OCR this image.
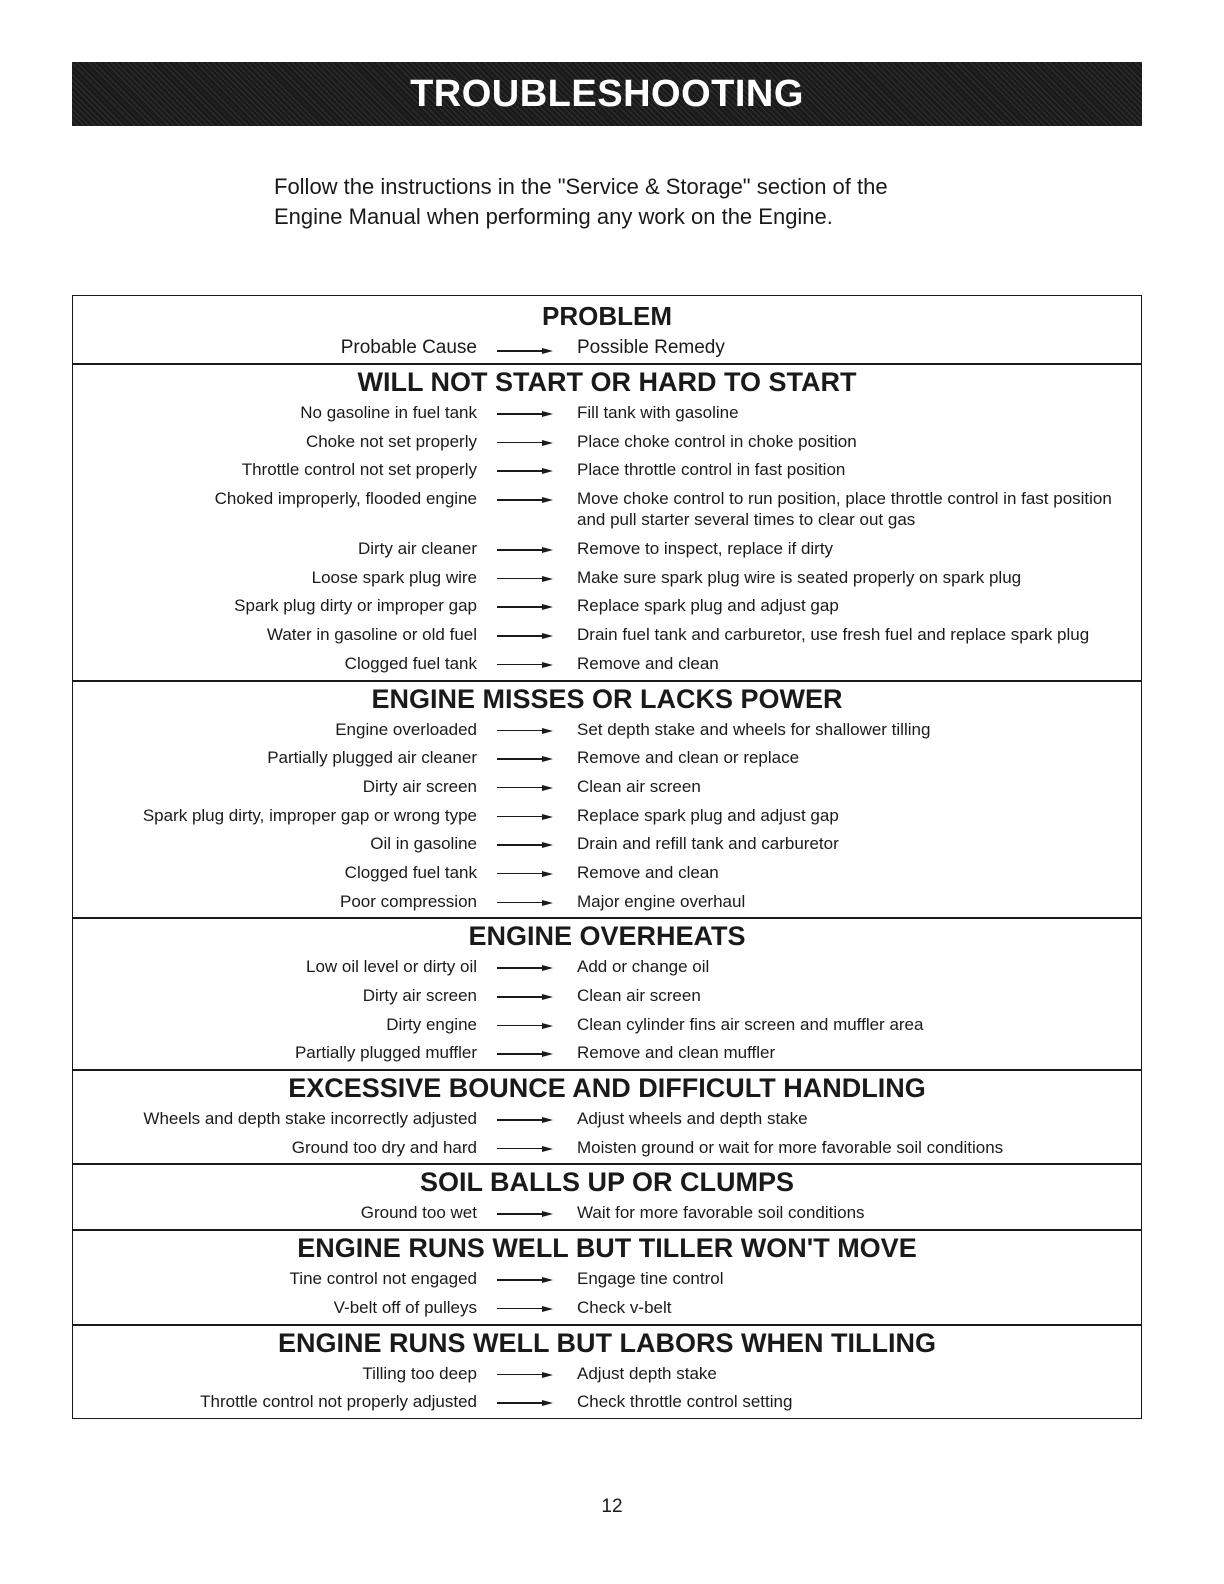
TROUBLESHOOTING
Follow the instructions in the "Service & Storage" section of the
Engine Manual when performing any work on the Engine.
PROBLEM
Probable Cause	Possible Remedy
WILL NOT START OR HARD TO START
No gasoline in fuel tank	Fill tank with gasoline
Choke not set properly	Place choke control in choke position
Throttle control not set properly	Place throttle control in fast position
Choked improperly, flooded engine	Move choke control to run position, place throttle control in fast position and pull starter several times to clear out gas
Dirty air cleaner	Remove to inspect, replace if dirty
Loose spark plug wire	Make sure spark plug wire is seated properly on spark plug
Spark plug dirty or improper gap	Replace spark plug and adjust gap
Water in gasoline or old fuel	Drain fuel tank and carburetor, use fresh fuel and replace spark plug
Clogged fuel tank	Remove and clean
ENGINE MISSES OR LACKS POWER
Engine overloaded	Set depth stake and wheels for shallower tilling
Partially plugged air cleaner	Remove and clean or replace
Dirty air screen	Clean air screen
Spark plug dirty, improper gap or wrong type	Replace spark plug and adjust gap
Oil in gasoline	Drain and refill tank and carburetor
Clogged fuel tank	Remove and clean
Poor compression	Major engine overhaul
ENGINE OVERHEATS
Low oil level or dirty oil	Add or change oil
Dirty air screen	Clean air screen
Dirty engine	Clean cylinder fins air screen and muffler area
Partially plugged muffler	Remove and clean muffler
EXCESSIVE BOUNCE AND DIFFICULT HANDLING
Wheels and depth stake incorrectly adjusted	Adjust wheels and depth stake
Ground too dry and hard	Moisten ground or wait for more favorable soil conditions
SOIL BALLS UP OR CLUMPS
Ground too wet	Wait for more favorable soil conditions
ENGINE RUNS WELL BUT TILLER WON'T MOVE
Tine control not engaged	Engage tine control
V-belt off of pulleys	Check v-belt
ENGINE RUNS WELL BUT LABORS WHEN TILLING
Tilling too deep	Adjust depth stake
Throttle control not properly adjusted	Check throttle control setting
12
